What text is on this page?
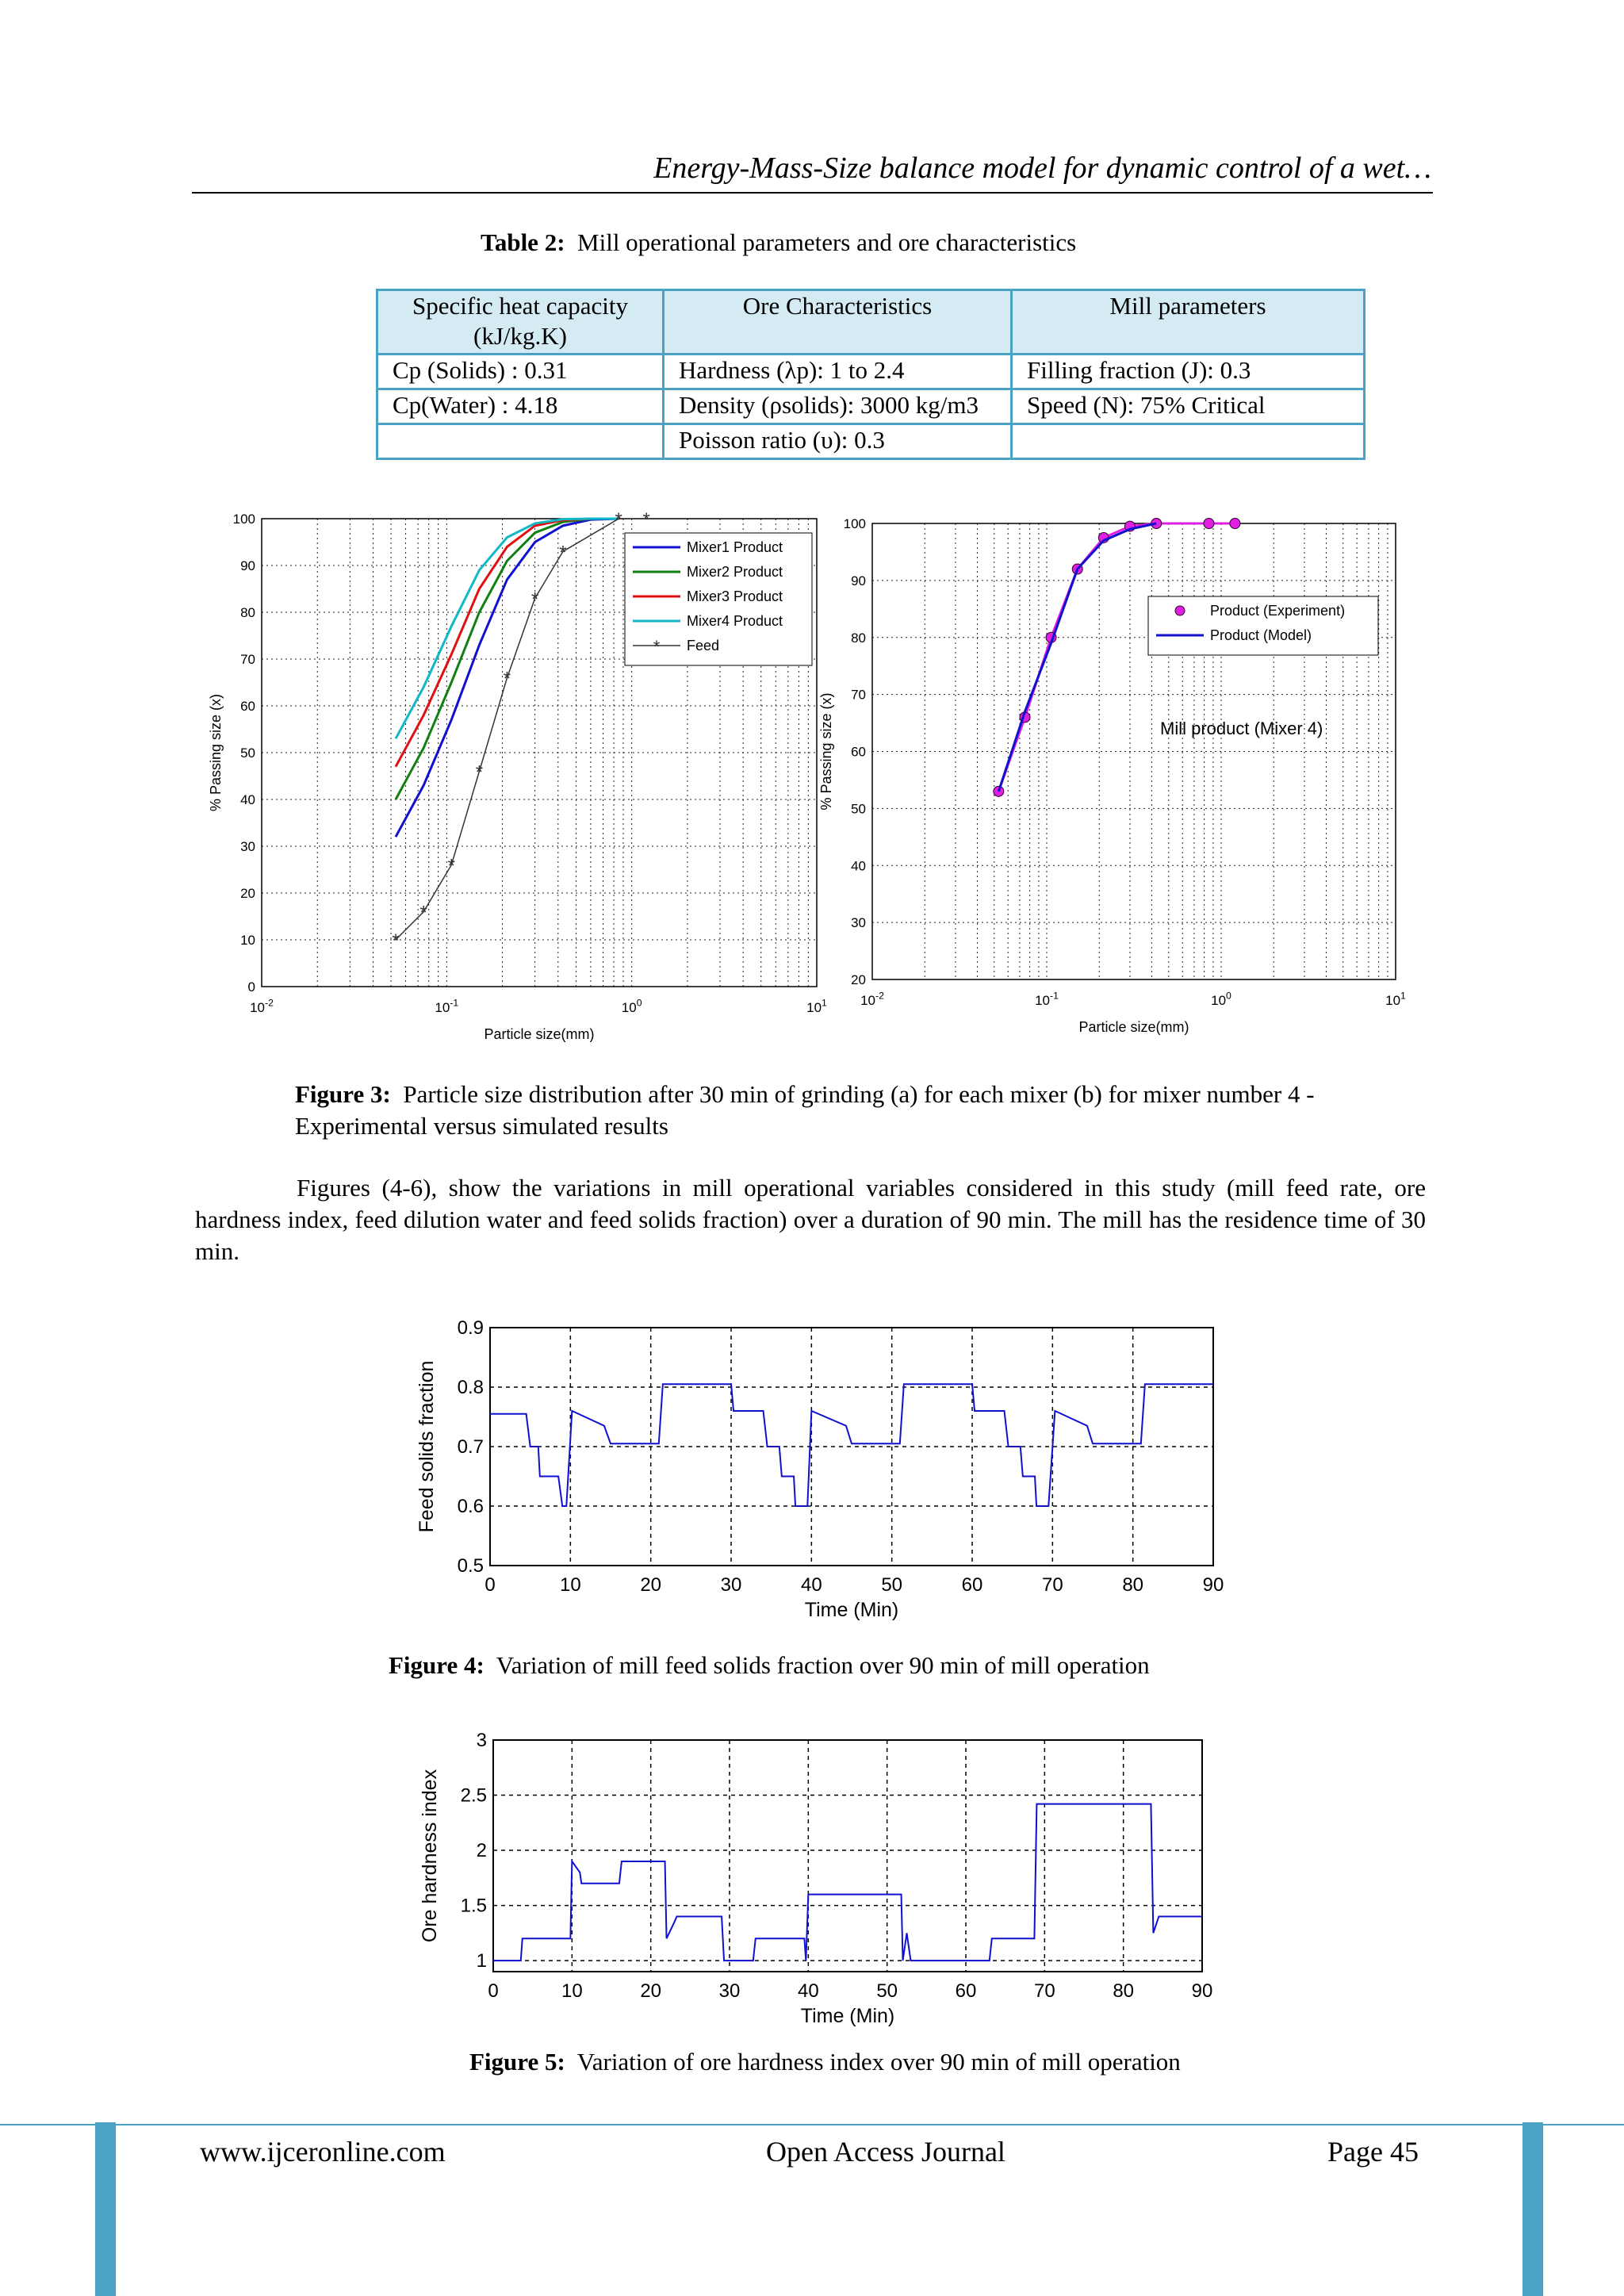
Energy-Mass-Size balance model for dynamic control of a wet…
Table 2: Mill operational parameters and ore characteristics
Specific heat capacity (kJ/kg.K)	Ore Characteristics	Mill parameters
Cp (Solids) : 0.31	Hardness (λp): 1 to 2.4	Filling fraction (J): 0.3
Cp(Water) : 4.18	Density (ρsolids): 3000 kg/m3	Speed (N): 75% Critical
	Poisson ratio (υ): 0.3	
0
10
20
30
40
50
60
70
80
90
100
$10^{-2}$	$10^{-1}$	$10^0$	$10^1$
Particle size(mm)
% Passing size (x)
*
*
*
*
*
*
*
* *
Mixer1 Product
Mixer2 Product
Mixer3 Product
Mixer4 Product
* Feed
20
30
40
50
60
70
80
90
100
$10^{-2}$	$10^{-1}$	$10^0$	$10^1$
Particle size(mm)
% Passing size (x)
Product (Experiment)
Product (Model)
Mill product (Mixer 4)
Figure 3: Particle size distribution after 30 min of grinding (a) for each mixer (b) for mixer number 4 - Experimental versus simulated results

Figures (4-6), show the variations in mill operational variables considered in this study (mill feed rate, ore hardness index, feed dilution water and feed solids fraction) over a duration of 90 min. The mill has the residence time of 30 min.

0	10	20	30	40	50	60	70	80	90
0.5
0.6
0.7
0.8
0.9
Time (Min)
Feed solids fraction
Figure 4: Variation of mill feed solids fraction over 90 min of mill operation
0	10	20	30	40	50	60	70	80	90
1
1.5
2
2.5
3
Time (Min)
Ore hardness index
Figure 5: Variation of ore hardness index over 90 min of mill operation
www.ijceronline.com	Open Access Journal	Page 45
